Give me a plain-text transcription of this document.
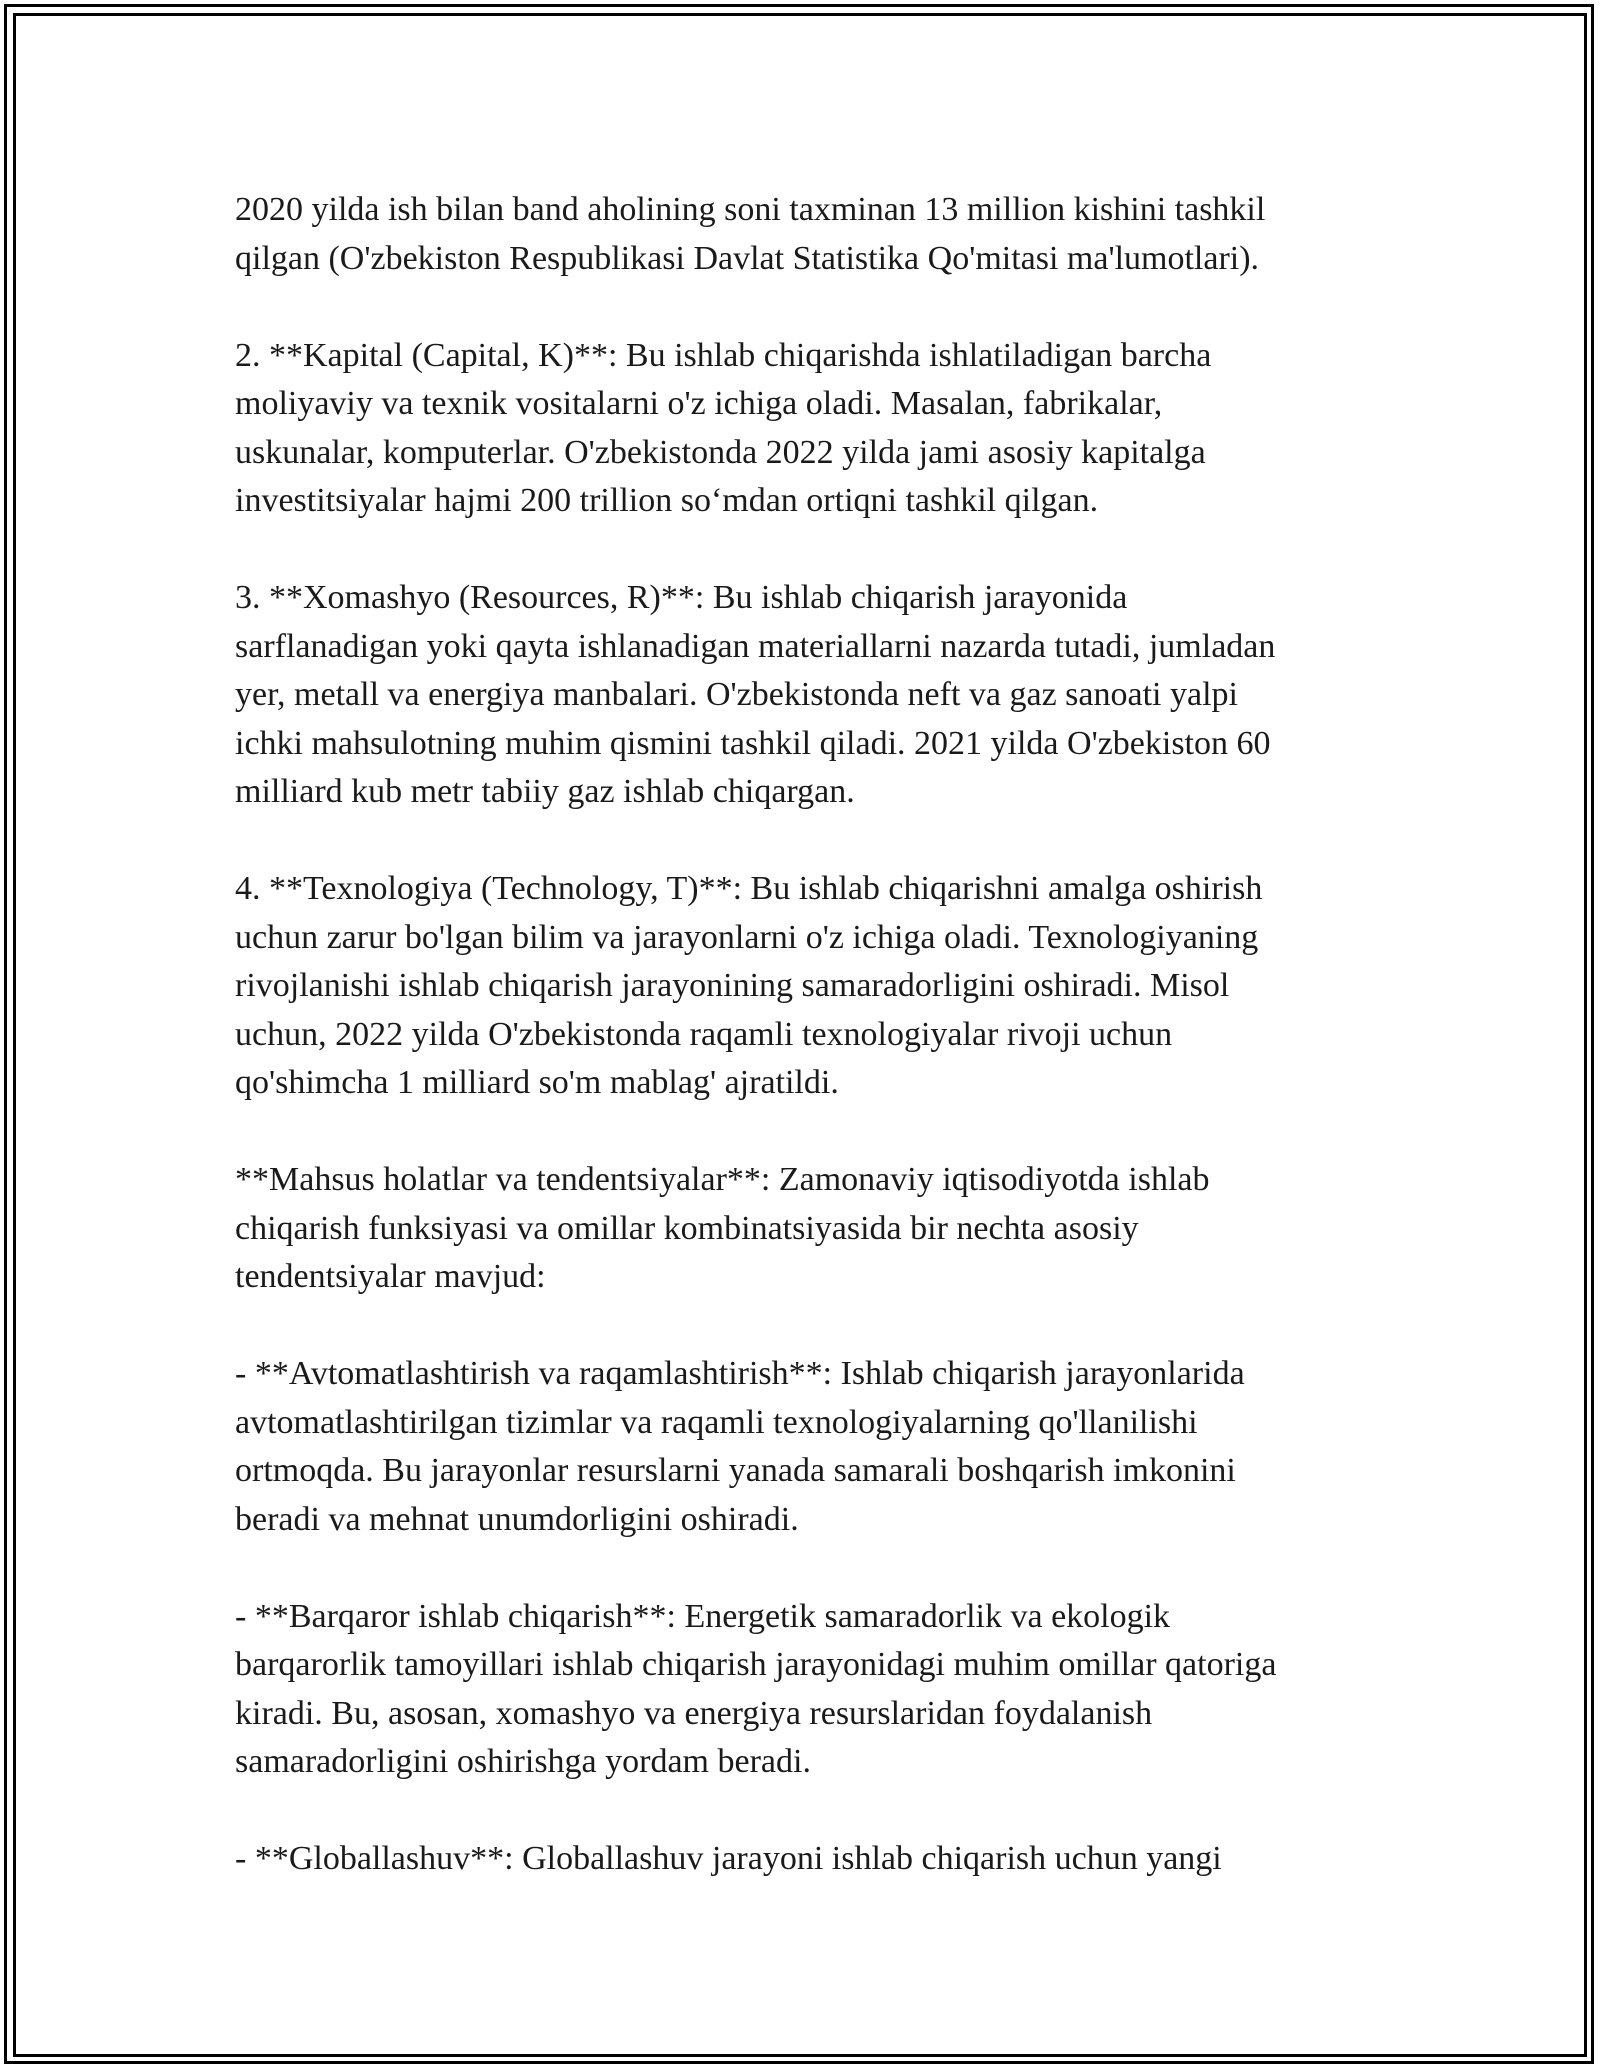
2020 yilda ish bilan band aholining soni taxminan 13 million kishini tashkil
qilgan (O'zbekiston Respublikasi Davlat Statistika Qo'mitasi ma'lumotlari).

2. **Kapital (Capital, K)**: Bu ishlab chiqarishda ishlatiladigan barcha
moliyaviy va texnik vositalarni o'z ichiga oladi. Masalan, fabrikalar,
uskunalar, komputerlar. O'zbekistonda 2022 yilda jami asosiy kapitalga
investitsiyalar hajmi 200 trillion so‘mdan ortiqni tashkil qilgan.

3. **Xomashyo (Resources, R)**: Bu ishlab chiqarish jarayonida
sarflanadigan yoki qayta ishlanadigan materiallarni nazarda tutadi, jumladan
yer, metall va energiya manbalari. O'zbekistonda neft va gaz sanoati yalpi
ichki mahsulotning muhim qismini tashkil qiladi. 2021 yilda O'zbekiston 60
milliard kub metr tabiiy gaz ishlab chiqargan.

4. **Texnologiya (Technology, T)**: Bu ishlab chiqarishni amalga oshirish
uchun zarur bo'lgan bilim va jarayonlarni o'z ichiga oladi. Texnologiyaning
rivojlanishi ishlab chiqarish jarayonining samaradorligini oshiradi. Misol
uchun, 2022 yilda O'zbekistonda raqamli texnologiyalar rivoji uchun
qo'shimcha 1 milliard so'm mablag' ajratildi.

**Mahsus holatlar va tendentsiyalar**: Zamonaviy iqtisodiyotda ishlab
chiqarish funksiyasi va omillar kombinatsiyasida bir nechta asosiy
tendentsiyalar mavjud:

- **Avtomatlashtirish va raqamlashtirish**: Ishlab chiqarish jarayonlarida
avtomatlashtirilgan tizimlar va raqamli texnologiyalarning qo'llanilishi
ortmoqda. Bu jarayonlar resurslarni yanada samarali boshqarish imkonini
beradi va mehnat unumdorligini oshiradi.

- **Barqaror ishlab chiqarish**: Energetik samaradorlik va ekologik
barqarorlik tamoyillari ishlab chiqarish jarayonidagi muhim omillar qatoriga
kiradi. Bu, asosan, xomashyo va energiya resurslaridan foydalanish
samaradorligini oshirishga yordam beradi.

- **Globallashuv**: Globallashuv jarayoni ishlab chiqarish uchun yangi
